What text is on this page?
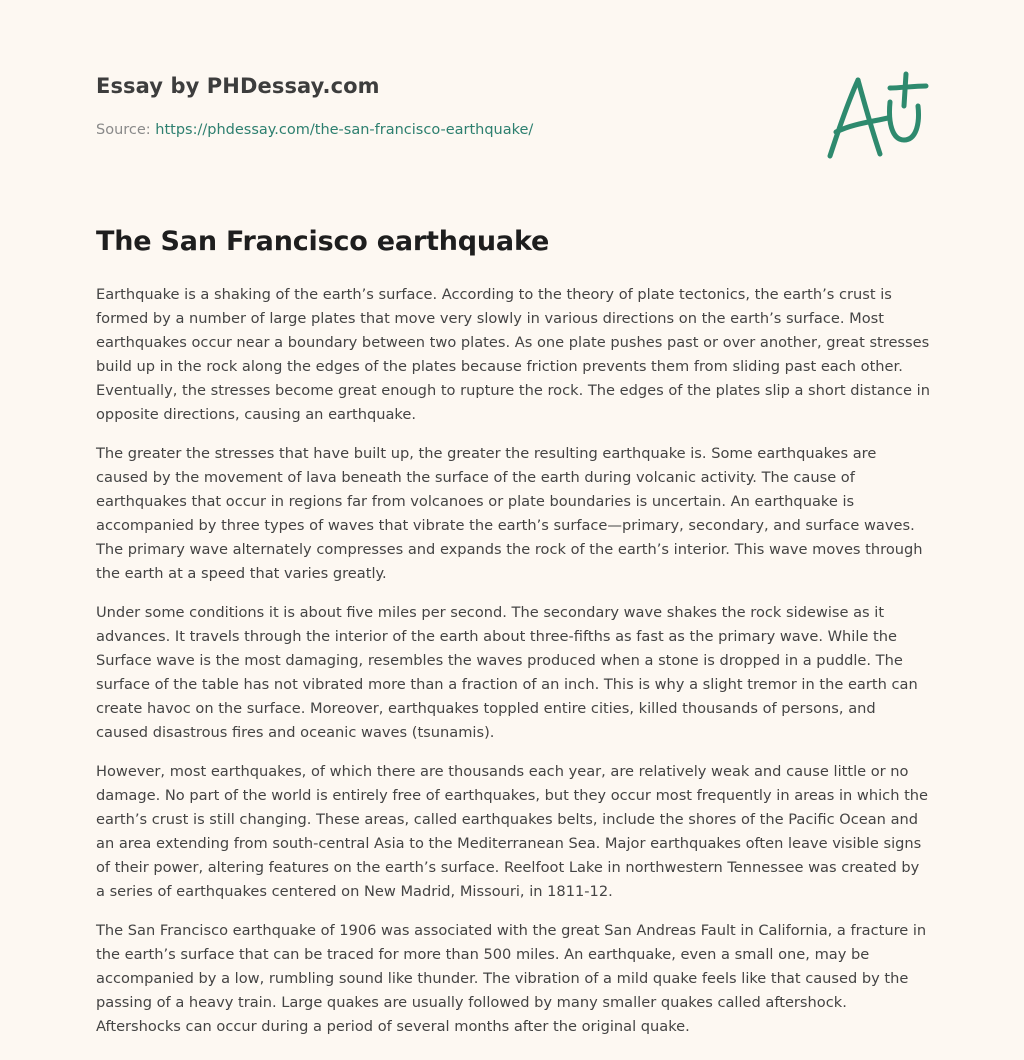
Essay by PHDessay.com

Source: https://phdessay.com/the-san-francisco-earthquake/
The San Francisco earthquake

Earthquake is a shaking of the earth’s surface. According to the theory of plate tectonics, the earth’s crust is formed by a number of large plates that move very slowly in various directions on the earth’s surface. Most earthquakes occur near a boundary between two plates. As one plate pushes past or over another, great stresses build up in the rock along the edges of the plates because friction prevents them from sliding past each other. Eventually, the stresses become great enough to rupture the rock. The edges of the plates slip a short distance in opposite directions, causing an earthquake.

The greater the stresses that have built up, the greater the resulting earthquake is. Some earthquakes are caused by the movement of lava beneath the surface of the earth during volcanic activity. The cause of earthquakes that occur in regions far from volcanoes or plate boundaries is uncertain. An earthquake is accompanied by three types of waves that vibrate the earth’s surface—primary, secondary, and surface waves. The primary wave alternately compresses and expands the rock of the earth’s interior. This wave moves through the earth at a speed that varies greatly.

Under some conditions it is about five miles per second. The secondary wave shakes the rock sidewise as it advances. It travels through the interior of the earth about three-fifths as fast as the primary wave. While the Surface wave is the most damaging, resembles the waves produced when a stone is dropped in a puddle. The surface of the table has not vibrated more than a fraction of an inch. This is why a slight tremor in the earth can create havoc on the surface. Moreover, earthquakes toppled entire cities, killed thousands of persons, and caused disastrous fires and oceanic waves (tsunamis).

However, most earthquakes, of which there are thousands each year, are relatively weak and cause little or no damage. No part of the world is entirely free of earthquakes, but they occur most frequently in areas in which the earth’s crust is still changing. These areas, called earthquakes belts, include the shores of the Pacific Ocean and an area extending from south-central Asia to the Mediterranean Sea. Major earthquakes often leave visible signs of their power, altering features on the earth’s surface. Reelfoot Lake in northwestern Tennessee was created by a series of earthquakes centered on New Madrid, Missouri, in 1811-12.

The San Francisco earthquake of 1906 was associated with the great San Andreas Fault in California, a fracture in the earth’s surface that can be traced for more than 500 miles. An earthquake, even a small one, may be accompanied by a low, rumbling sound like thunder. The vibration of a mild quake feels like that caused by the passing of a heavy train. Large quakes are usually followed by many smaller quakes called aftershock. Aftershocks can occur during a period of several months after the original quake.
